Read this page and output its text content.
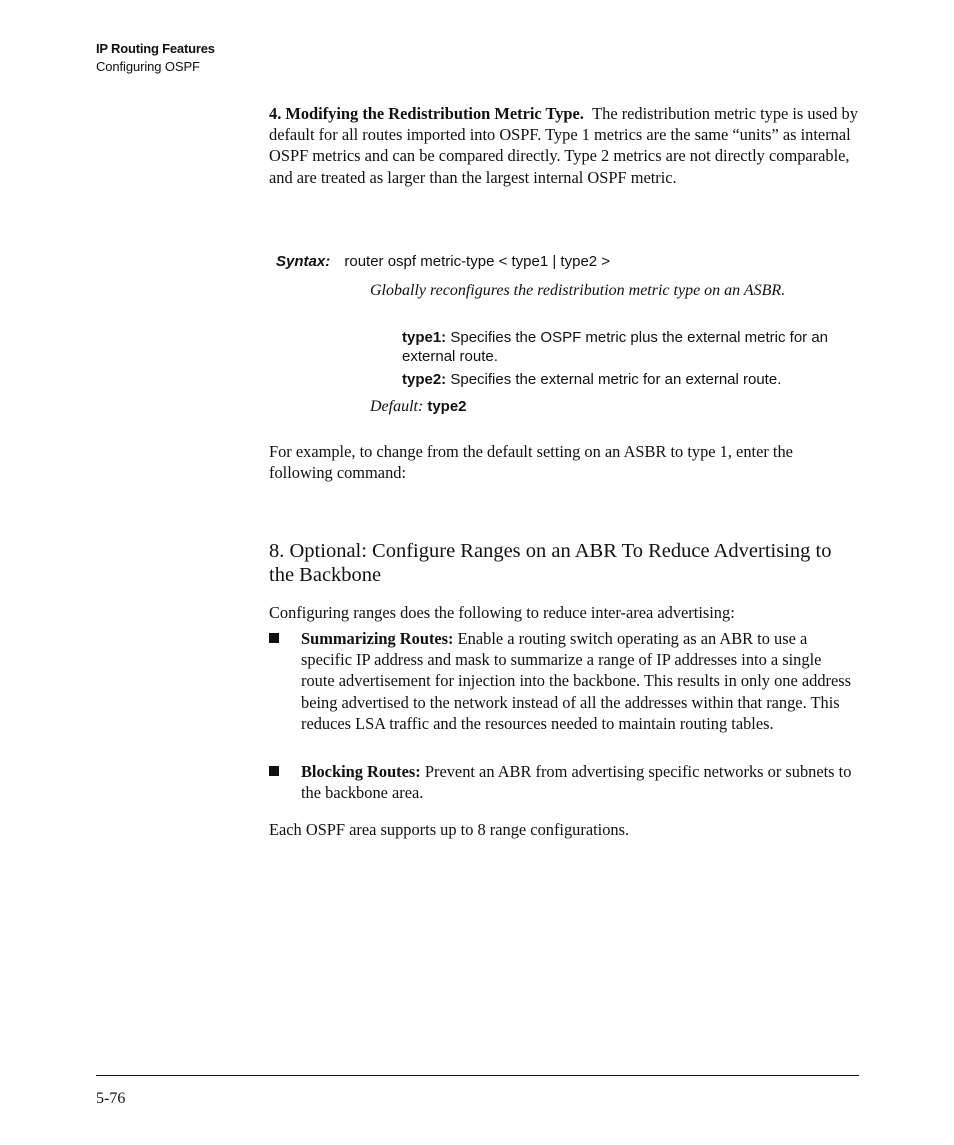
IP Routing Features
Configuring OSPF

4. Modifying the Redistribution Metric Type. The redistribution metric type is used by default for all routes imported into OSPF. Type 1 metrics are the same “units” as internal OSPF metrics and can be compared directly. Type 2 metrics are not directly comparable, and are treated as larger than the largest internal OSPF metric.

Syntax: router ospf metric-type < type1 | type2 >

Globally reconfigures the redistribution metric type on an ASBR.

type1: Specifies the OSPF metric plus the external metric for an external route.

type2: Specifies the external metric for an external route.

Default: type2

For example, to change from the default setting on an ASBR to type 1, enter the following command:

8. Optional: Configure Ranges on an ABR To Reduce Advertising to the Backbone

Configuring ranges does the following to reduce inter-area advertising:

Summarizing Routes: Enable a routing switch operating as an ABR to use a specific IP address and mask to summarize a range of IP addresses into a single route advertisement for injection into the backbone. This results in only one address being advertised to the network instead of all the addresses within that range. This reduces LSA traffic and the resources needed to maintain routing tables.

Blocking Routes: Prevent an ABR from advertising specific networks or subnets to the backbone area.

Each OSPF area supports up to 8 range configurations.

5-76
